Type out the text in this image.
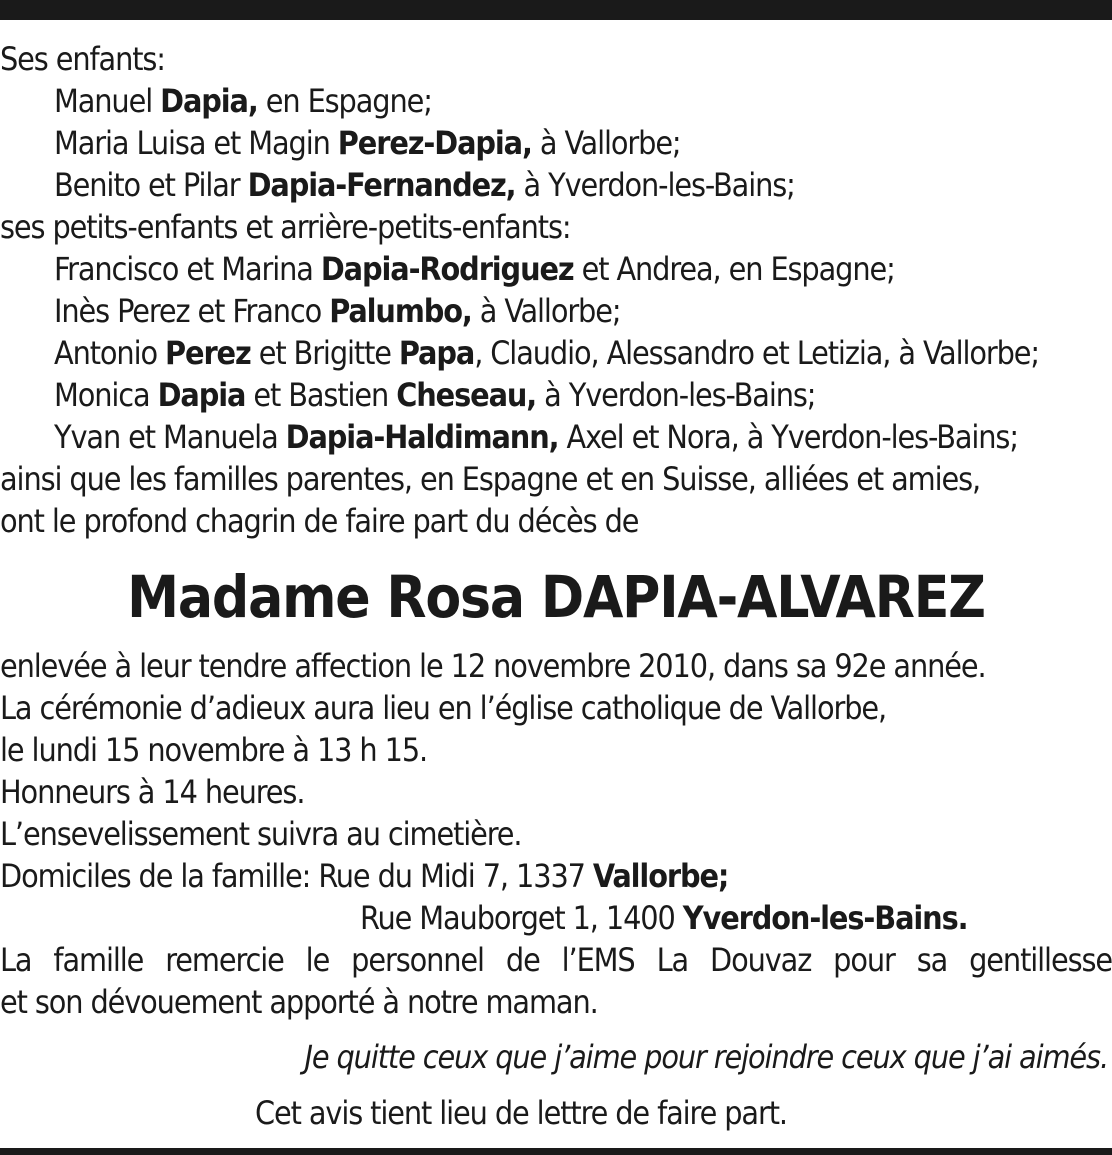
Ses enfants:
Manuel Dapia, en Espagne;
Maria Luisa et Magin Perez-Dapia, à Vallorbe;
Benito et Pilar Dapia-Fernandez, à Yverdon-les-Bains;
ses petits-enfants et arrière-petits-enfants:
Francisco et Marina Dapia-Rodriguez et Andrea, en Espagne;
Inès Perez et Franco Palumbo, à Vallorbe;
Antonio Perez et Brigitte Papa, Claudio, Alessandro et Letizia, à Vallorbe;
Monica Dapia et Bastien Cheseau, à Yverdon-les-Bains;
Yvan et Manuela Dapia-Haldimann, Axel et Nora, à Yverdon-les-Bains;
ainsi que les familles parentes, en Espagne et en Suisse, alliées et amies,
ont le profond chagrin de faire part du décès de
Madame Rosa DAPIA-ALVAREZ
enlevée à leur tendre affection le 12 novembre 2010, dans sa 92e année.
La cérémonie d’adieux aura lieu en l’église catholique de Vallorbe,
le lundi 15 novembre à 13 h 15.
Honneurs à 14 heures.
L’ensevelissement suivra au cimetière.
Domiciles de la famille: Rue du Midi 7, 1337 Vallorbe;
Rue Mauborget 1, 1400 Yverdon-les-Bains.
La famille remercie le personnel de l’EMS La Douvaz pour sa gentillesse
et son dévouement apporté à notre maman.
Je quitte ceux que j’aime pour rejoindre ceux que j’ai aimés.
Cet avis tient lieu de lettre de faire part.
